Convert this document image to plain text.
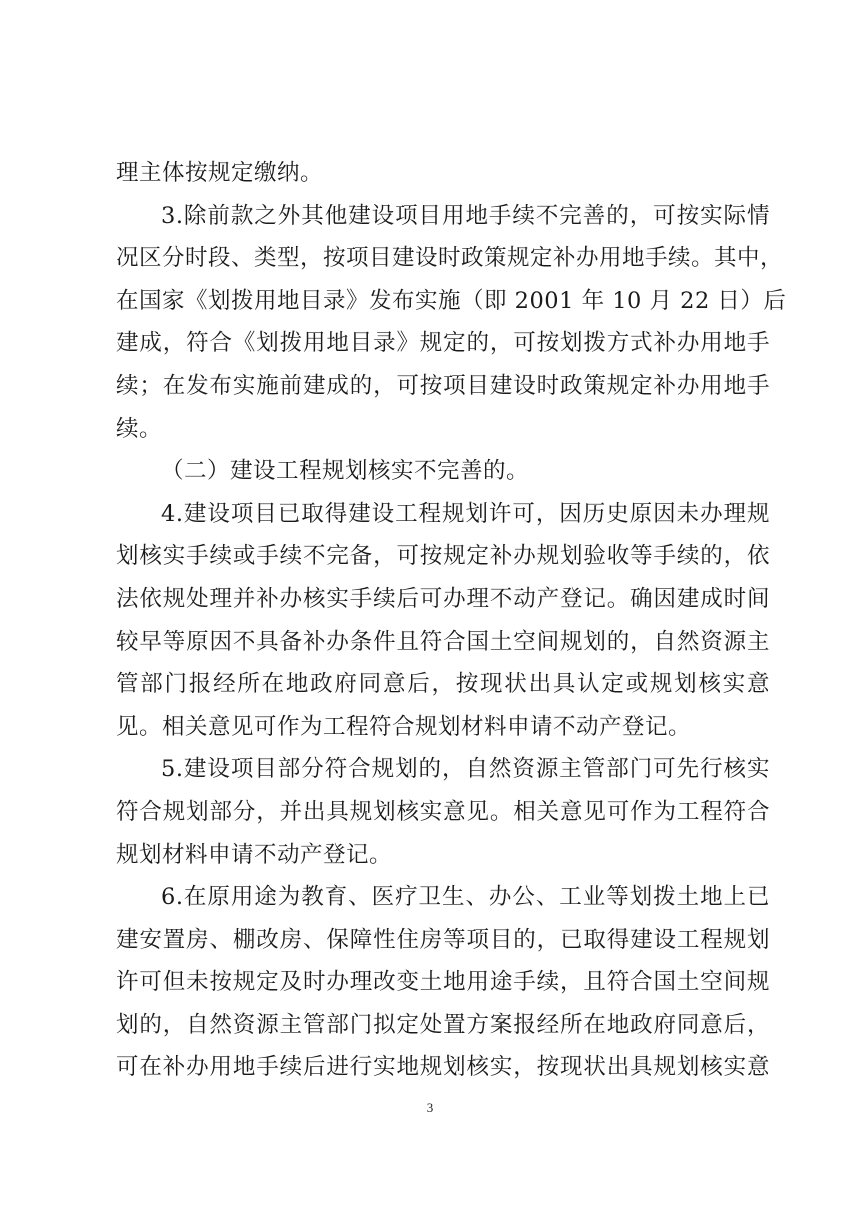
理主体按规定缴纳。
3.除前款之外其他建设项目用地手续不完善的，可按实际情
况区分时段、类型，按项目建设时政策规定补办用地手续。其中，
在国家《划拨用地目录》发布实施（即 2001 年 10 月 22 日）后
建成，符合《划拨用地目录》规定的，可按划拨方式补办用地手
续；在发布实施前建成的，可按项目建设时政策规定补办用地手
续。
（二）建设工程规划核实不完善的。
4.建设项目已取得建设工程规划许可，因历史原因未办理规
划核实手续或手续不完备，可按规定补办规划验收等手续的，依
法依规处理并补办核实手续后可办理不动产登记。确因建成时间
较早等原因不具备补办条件且符合国土空间规划的，自然资源主
管部门报经所在地政府同意后，按现状出具认定或规划核实意
见。相关意见可作为工程符合规划材料申请不动产登记。
5.建设项目部分符合规划的，自然资源主管部门可先行核实
符合规划部分，并出具规划核实意见。相关意见可作为工程符合
规划材料申请不动产登记。
6.在原用途为教育、医疗卫生、办公、工业等划拨土地上已
建安置房、棚改房、保障性住房等项目的，已取得建设工程规划
许可但未按规定及时办理改变土地用途手续，且符合国土空间规
划的，自然资源主管部门拟定处置方案报经所在地政府同意后，
可在补办用地手续后进行实地规划核实，按现状出具规划核实意
3
